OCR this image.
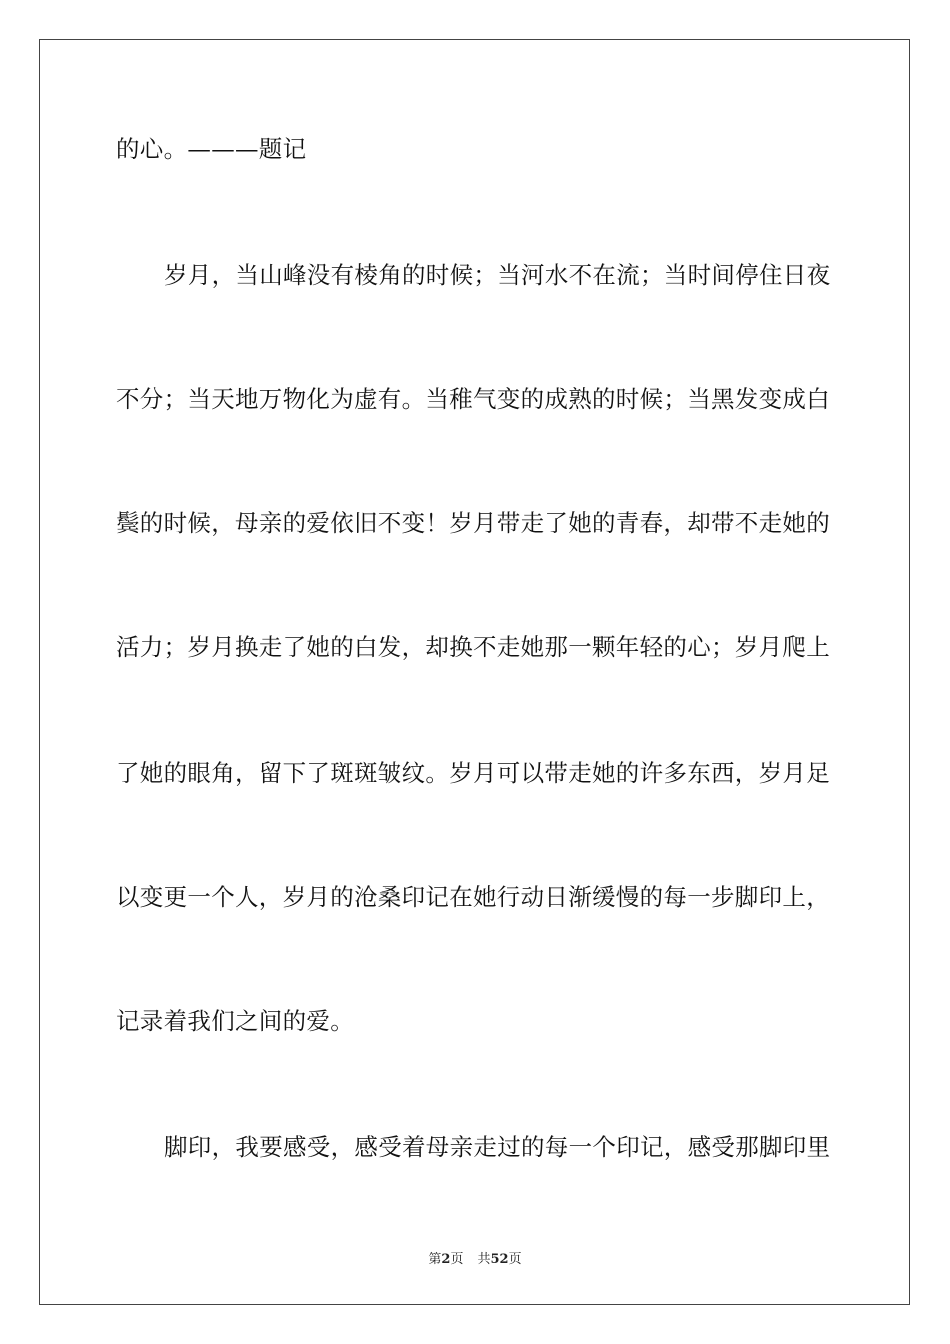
的心。———题记
岁月，当山峰没有棱角的时候；当河水不在流；当时间停住日夜
不分；当天地万物化为虚有。当稚气变的成熟的时候；当黑发变成白
鬓的时候，母亲的爱依旧不变！岁月带走了她的青春，却带不走她的
活力；岁月换走了她的白发，却换不走她那一颗年轻的心；岁月爬上
了她的眼角，留下了斑斑皱纹。岁月可以带走她的许多东西，岁月足
以变更一个人，岁月的沧桑印记在她行动日渐缓慢的每一步脚印上，
记录着我们之间的爱。
脚印，我要感受，感受着母亲走过的每一个印记，感受那脚印里
第2页 共52页
